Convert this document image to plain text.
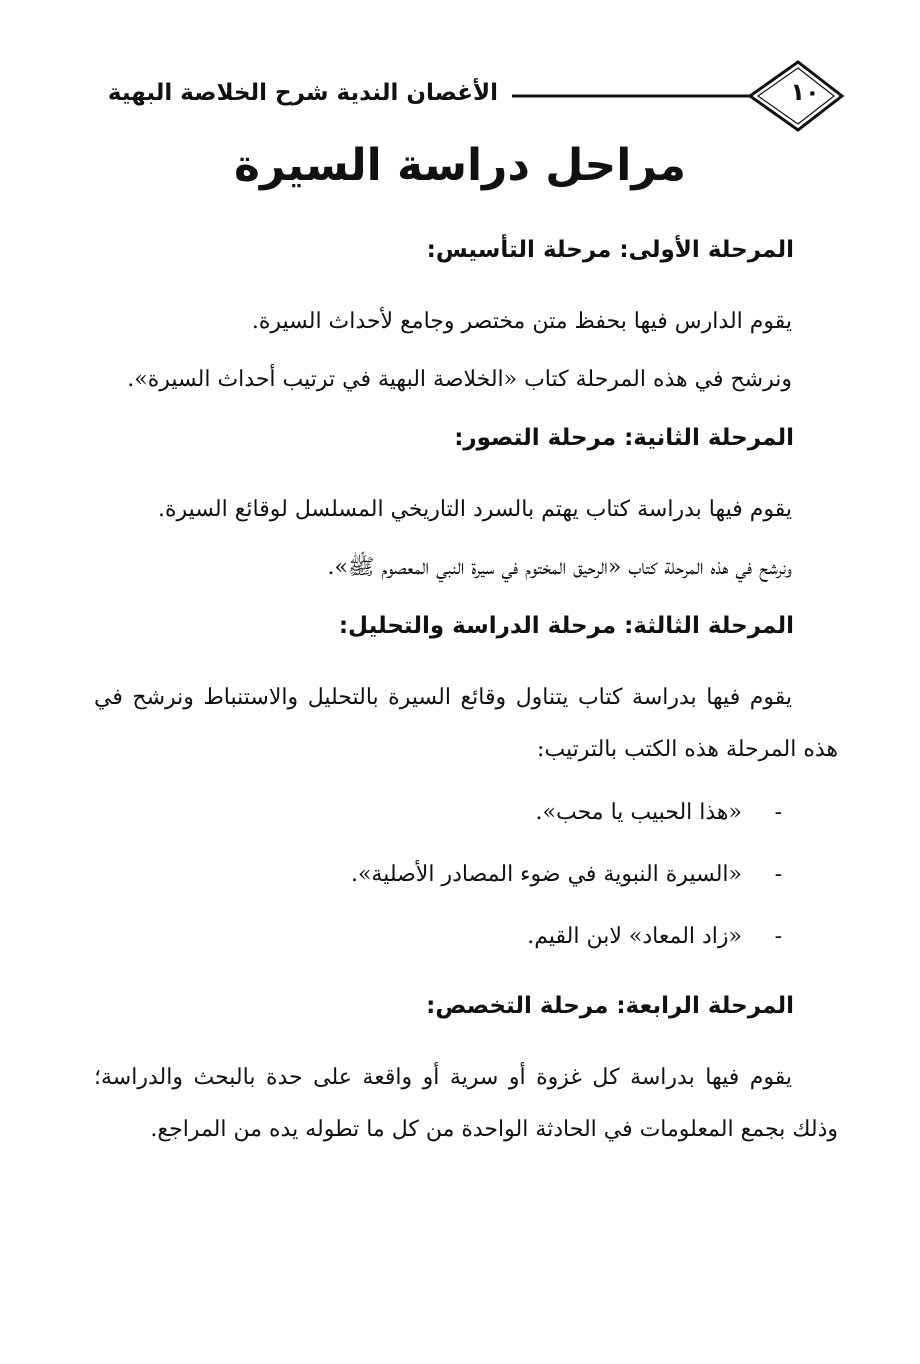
الأغصان الندية شرح الخلاصة البهية	١٠
مراحل دراسة السيرة
المرحلة الأولى: مرحلة التأسيس:

يقوم الدارس فيها بحفظ متن مختصر وجامع لأحداث السيرة.

ونرشح في هذه المرحلة كتاب «الخلاصة البهية في ترتيب أحداث السيرة».

المرحلة الثانية: مرحلة التصور:

يقوم فيها بدراسة كتاب يهتم بالسرد التاريخي المسلسل لوقائع السيرة.

ونرشح في هذه المرحلة كتاب «الرحيق المختوم في سيرة النبي المعصوم ﷺ».

المرحلة الثالثة: مرحلة الدراسة والتحليل:

يقوم فيها بدراسة كتاب يتناول وقائع السيرة بالتحليل والاستنباط ونرشح في هذه المرحلة هذه الكتب بالترتيب:

-«هذا الحبيب يا محب».
-«السيرة النبوية في ضوء المصادر الأصلية».
-«زاد المعاد» لابن القيم.
المرحلة الرابعة: مرحلة التخصص:

يقوم فيها بدراسة كل غزوة أو سرية أو واقعة على حدة بالبحث والدراسة؛ وذلك بجمع المعلومات في الحادثة الواحدة من كل ما تطوله يده من المراجع.
